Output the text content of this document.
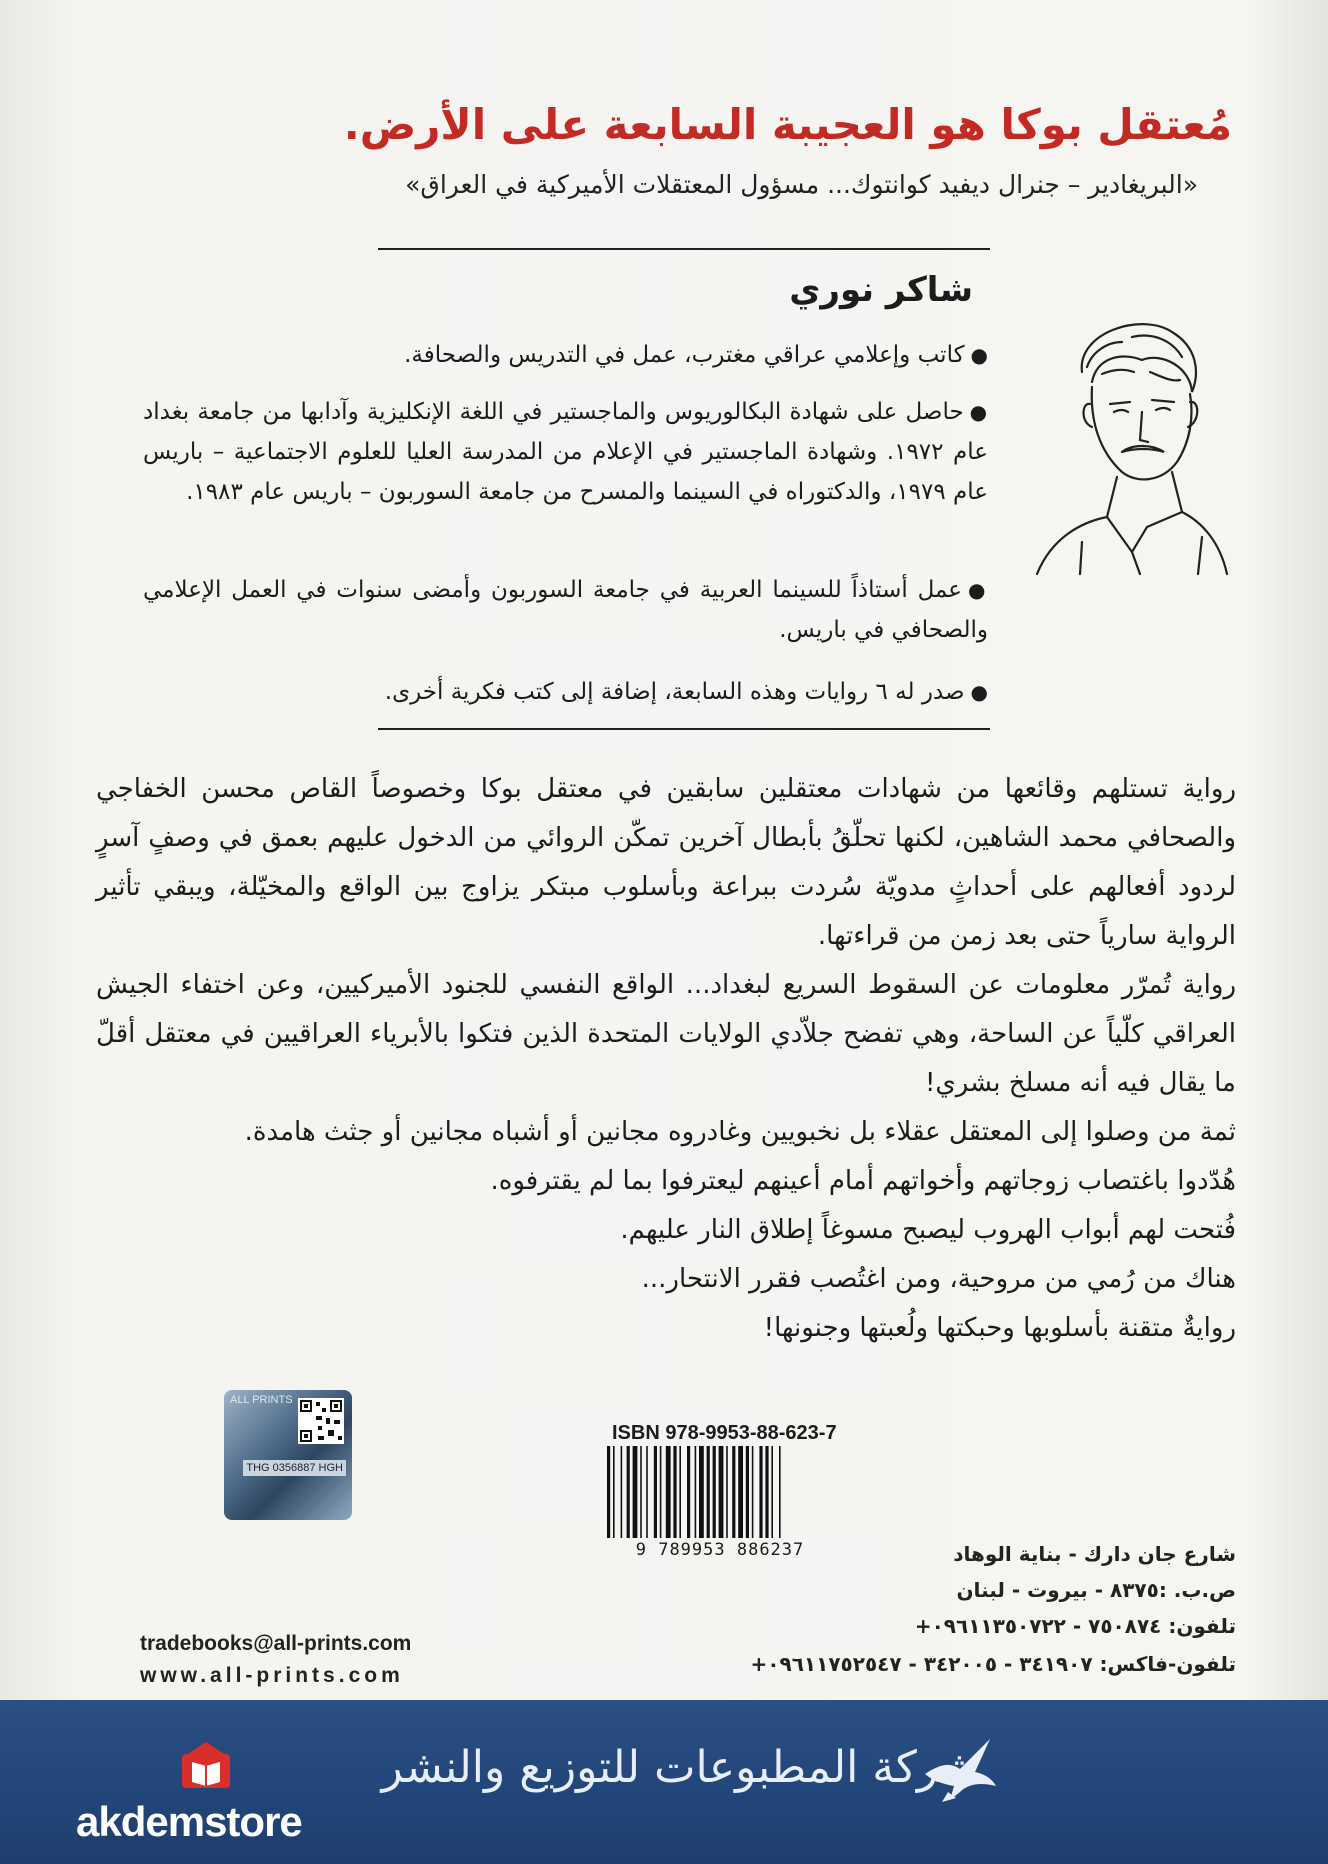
مُعتقل بوكا هو العجيبة السابعة على الأرض.
«البريغادير – جنرال ديفيد كوانتوك... مسؤول المعتقلات الأميركية في العراق»
شاكر نوري
●كاتب وإعلامي عراقي مغترب، عمل في التدريس والصحافة.
●حاصل على شهادة البكالوريوس والماجستير في اللغة الإنكليزية وآدابها من جامعة بغداد عام ١٩٧٢. وشهادة الماجستير في الإعلام من المدرسة العليا للعلوم الاجتماعية – باريس عام ١٩٧٩، والدكتوراه في السينما والمسرح من جامعة السوربون – باريس عام ١٩٨٣.
●عمل أستاذاً للسينما العربية في جامعة السوربون وأمضى سنوات في العمل الإعلامي والصحافي في باريس.
●صدر له ٦ روايات وهذه السابعة، إضافة إلى كتب فكرية أخرى.

رواية تستلهم وقائعها من شهادات معتقلين سابقين في معتقل بوكا وخصوصاً القاص محسن الخفاجي والصحافي محمد الشاهين، لكنها تحلّقُ بأبطال آخرين تمكّن الروائي من الدخول عليهم بعمق في وصفٍ آسرٍ لردود أفعالهم على أحداثٍ مدويّة سُردت ببراعة وبأسلوب مبتكر يزاوج بين الواقع والمخيّلة، ويبقي تأثير الرواية سارياً حتى بعد زمن من قراءتها.

رواية تُمرّر معلومات عن السقوط السريع لبغداد... الواقع النفسي للجنود الأميركيين، وعن اختفاء الجيش العراقي كلّياً عن الساحة، وهي تفضح جلاّدي الولايات المتحدة الذين فتكوا بالأبرياء العراقيين في معتقل أقلّ ما يقال فيه أنه مسلخ بشري!

ثمة من وصلوا إلى المعتقل عقلاء بل نخبويين وغادروه مجانين أو أشباه مجانين أو جثث هامدة.

هُدّدوا باغتصاب زوجاتهم وأخواتهم أمام أعينهم ليعترفوا بما لم يقترفوه.

فُتحت لهم أبواب الهروب ليصبح مسوغاً إطلاق النار عليهم.

هناك من رُمي من مروحية، ومن اغتُصب فقرر الانتحار...

روايةٌ متقنة بأسلوبها وحبكتها ولُعبتها وجنونها!

ALL PRINTS
THG 0356887 HGH
ISBN 978-9953-88-623-7
9 789953 886237	شارع جان دارك - بناية الوهاد
ص.ب. :٨٣٧٥ - بيروت - لبنان
تلفون: ٧٥٠٨٧٤ - ٠٩٦١١٣٥٠٧٢٢+
تلفون-فاكس: ٣٤١٩٠٧ - ٣٤٢٠٠٥ - ٠٩٦١١٧٥٢٥٤٧+
tradebooks@all-prints.com
www.all-prints.com
شركة المطبوعات للتوزيع والنشر
akdemstore
